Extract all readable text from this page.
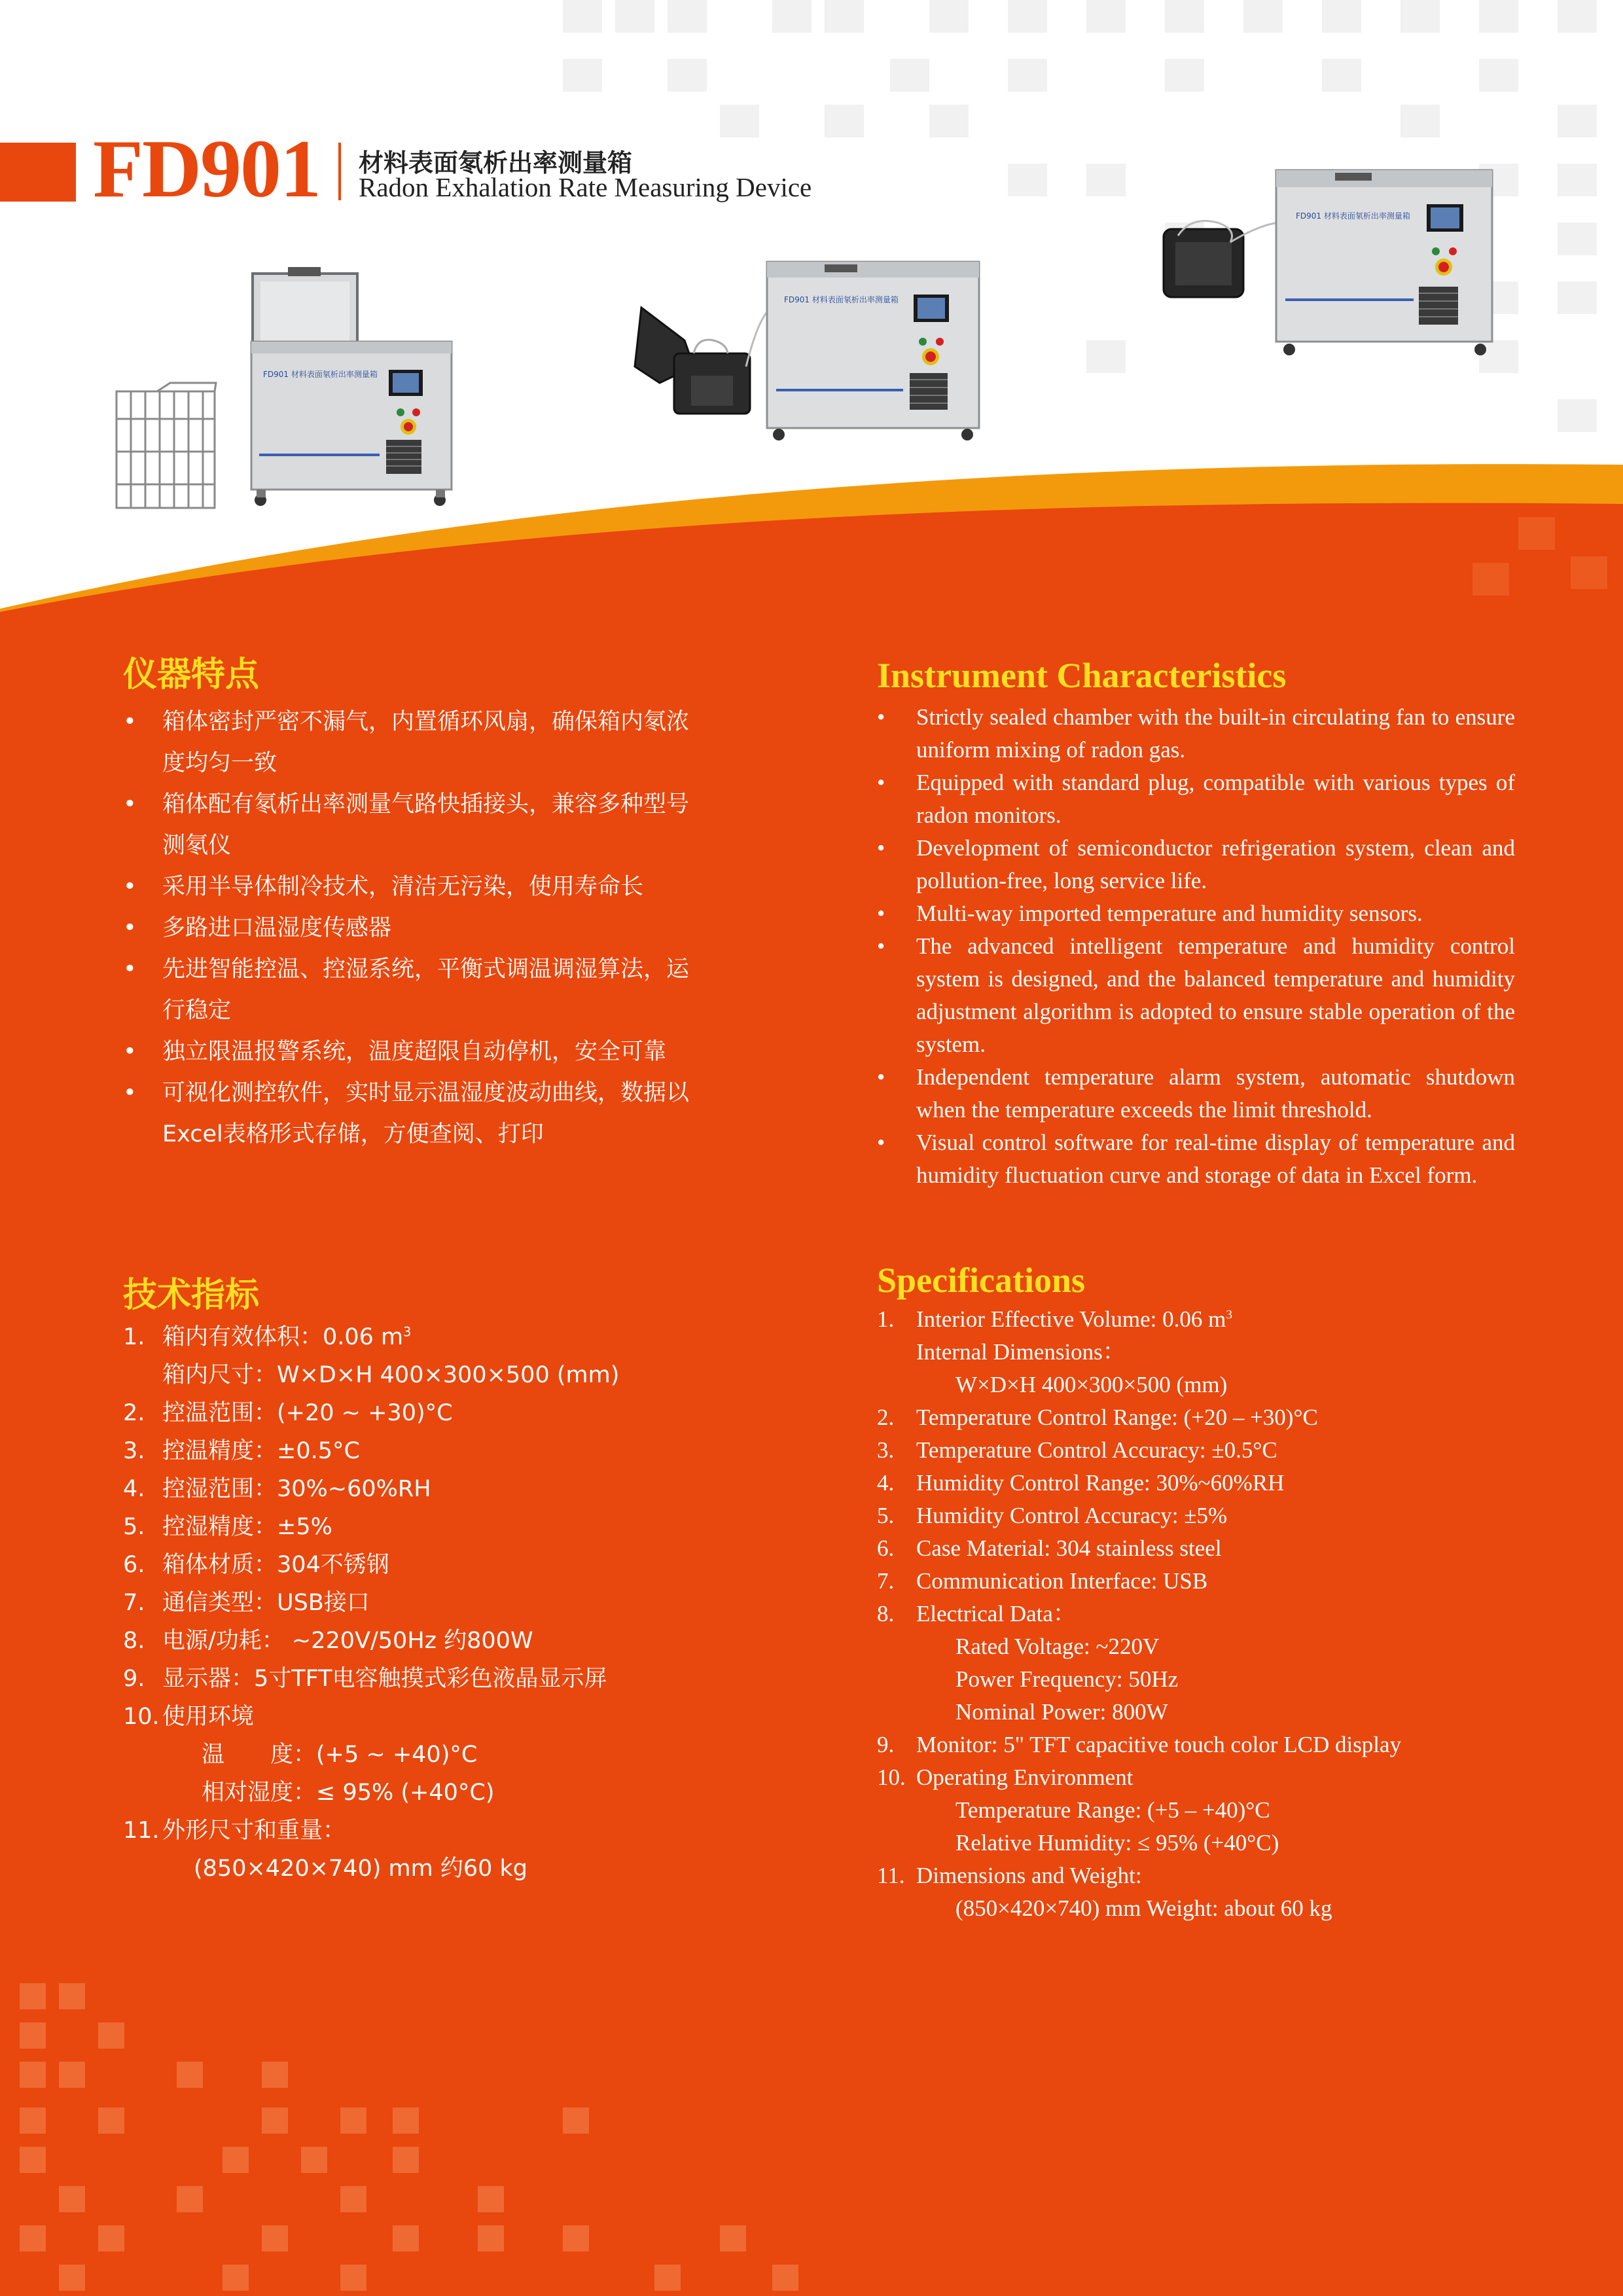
FD901 材料表面氡析出率测量箱
FD901 材料表面氡析出率测量箱
FD901 材料表面氡析出率测量箱
FD901 材料表面氡析出率测量箱
Radon Exhalation Rate Measuring Device
仪器特点
• 箱体密封严密不漏气，内置循环风扇，确保箱内氡浓
度均匀一致
• 箱体配有氡析出率测量气路快插接头，兼容多种型号
测氡仪
• 采用半导体制冷技术，清洁无污染，使用寿命长
• 多路进口温湿度传感器
• 先进智能控温、控湿系统，平衡式调温调湿算法，运
行稳定
• 独立限温报警系统，温度超限自动停机，安全可靠
• 可视化测控软件，实时显示温湿度波动曲线，数据以
Excel表格形式存储，方便查阅、打印
Instrument Characteristics
• Strictly sealed chamber with the built-in circulating fan to ensure uniform mixing of radon gas.
• Equipped with standard plug, compatible with various types of radon monitors.
• Development of semiconductor refrigeration system, clean and pollution-free, long service life.
• Multi-way imported temperature and humidity sensors.
• The advanced intelligent temperature and humidity control system is designed, and the balanced temperature and humidity adjustment algorithm is adopted to ensure stable operation of the system.
• Independent temperature alarm system, automatic shutdown when the temperature exceeds the limit threshold.
• Visual control software for real-time display of temperature and humidity fluctuation curve and storage of data in Excel form.
技术指标
1. 箱内有效体积：0.06 $m^3$
箱内尺寸：W×D×H 400×300×500 (mm)
2. 控温范围：(+20 ~ +30)°C
3. 控温精度：±0.5°C
4. 控湿范围：30%~60%RH
5. 控湿精度：±5%
6. 箱体材质：304不锈钢
7. 通信类型：USB接口
8. 电源/功耗： ~220V/50Hz 约800W
9. 显示器：5寸TFT电容触摸式彩色液晶显示屏
10. 使用环境
温　　度：(+5 ~ +40)°C
相对湿度：≤ 95% (+40°C)
11. 外形尺寸和重量：
(850×420×740) mm 约60 kg
Specifications
1. Interior Effective Volume: 0.06 $m^3$
Internal Dimensions：
W×D×H 400×300×500 (mm)
2. Temperature Control Range: (+20 – +30)°C
3. Temperature Control Accuracy: ±0.5°C
4. Humidity Control Range: 30%~60%RH
5. Humidity Control Accuracy: ±5%
6. Case Material: 304 stainless steel
7. Communication Interface: USB
8. Electrical Data：
Rated Voltage: ~220V
Power Frequency: 50Hz
Nominal Power: 800W
9. Monitor: 5" TFT capacitive touch color LCD display
10. Operating Environment
Temperature Range: (+5 – +40)°C
Relative Humidity: ≤ 95% (+40°C)
11. Dimensions and Weight:
(850×420×740) mm Weight: about 60 kg
